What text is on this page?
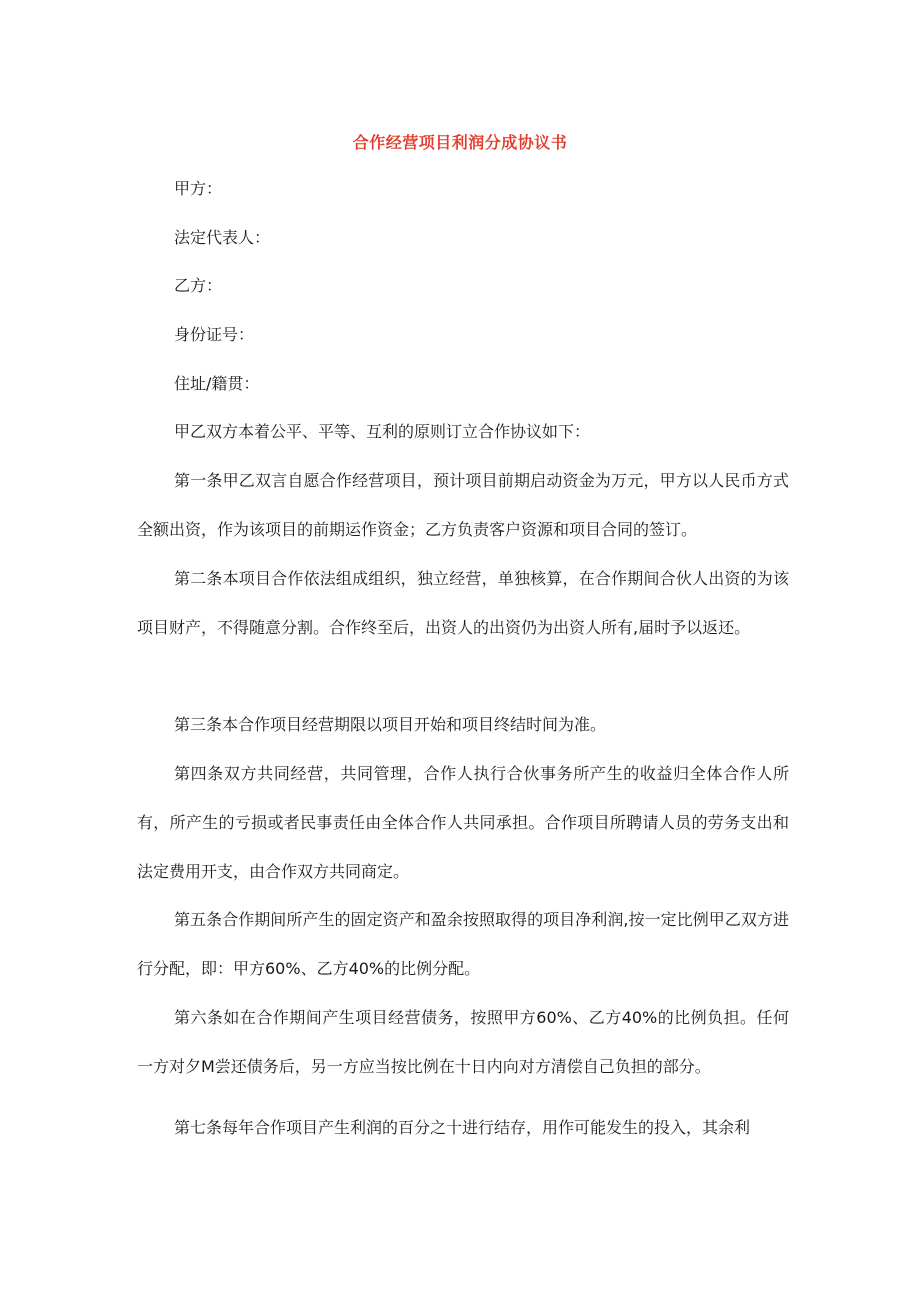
合作经营项目利润分成协议书
甲方：
法定代表人：
乙方：
身份证号：
住址/籍贯：
甲乙双方本着公平、平等、互利的原则订立合作协议如下：

第一条甲乙双言自愿合作经营项目，预计项目前期启动资金为万元，甲方以人民币方式全额出资，作为该项目的前期运作资金；乙方负责客户资源和项目合同的签订。

第二条本项目合作依法组成组织，独立经营，单独核算，在合作期间合伙人出资的为该项目财产，不得随意分割。合作终至后，出资人的出资仍为出资人所有,届时予以返还。

第三条本合作项目经营期限以项目开始和项目终结时间为准。

第四条双方共同经营，共同管理，合作人执行合伙事务所产生的收益归全体合作人所有，所产生的亏损或者民事责任由全体合作人共同承担。合作项目所聘请人员的劳务支出和法定费用开支，由合作双方共同商定。

第五条合作期间所产生的固定资产和盈余按照取得的项目净利润,按一定比例甲乙双方进行分配，即：甲方60%、乙方40%的比例分配。

第六条如在合作期间产生项目经营债务，按照甲方60%、乙方40%的比例负担。任何一方对夕M尝还债务后，另一方应当按比例在十日内向对方清偿自己负担的部分。

第七条每年合作项目产生利润的百分之十进行结存，用作可能发生的投入，其余利
